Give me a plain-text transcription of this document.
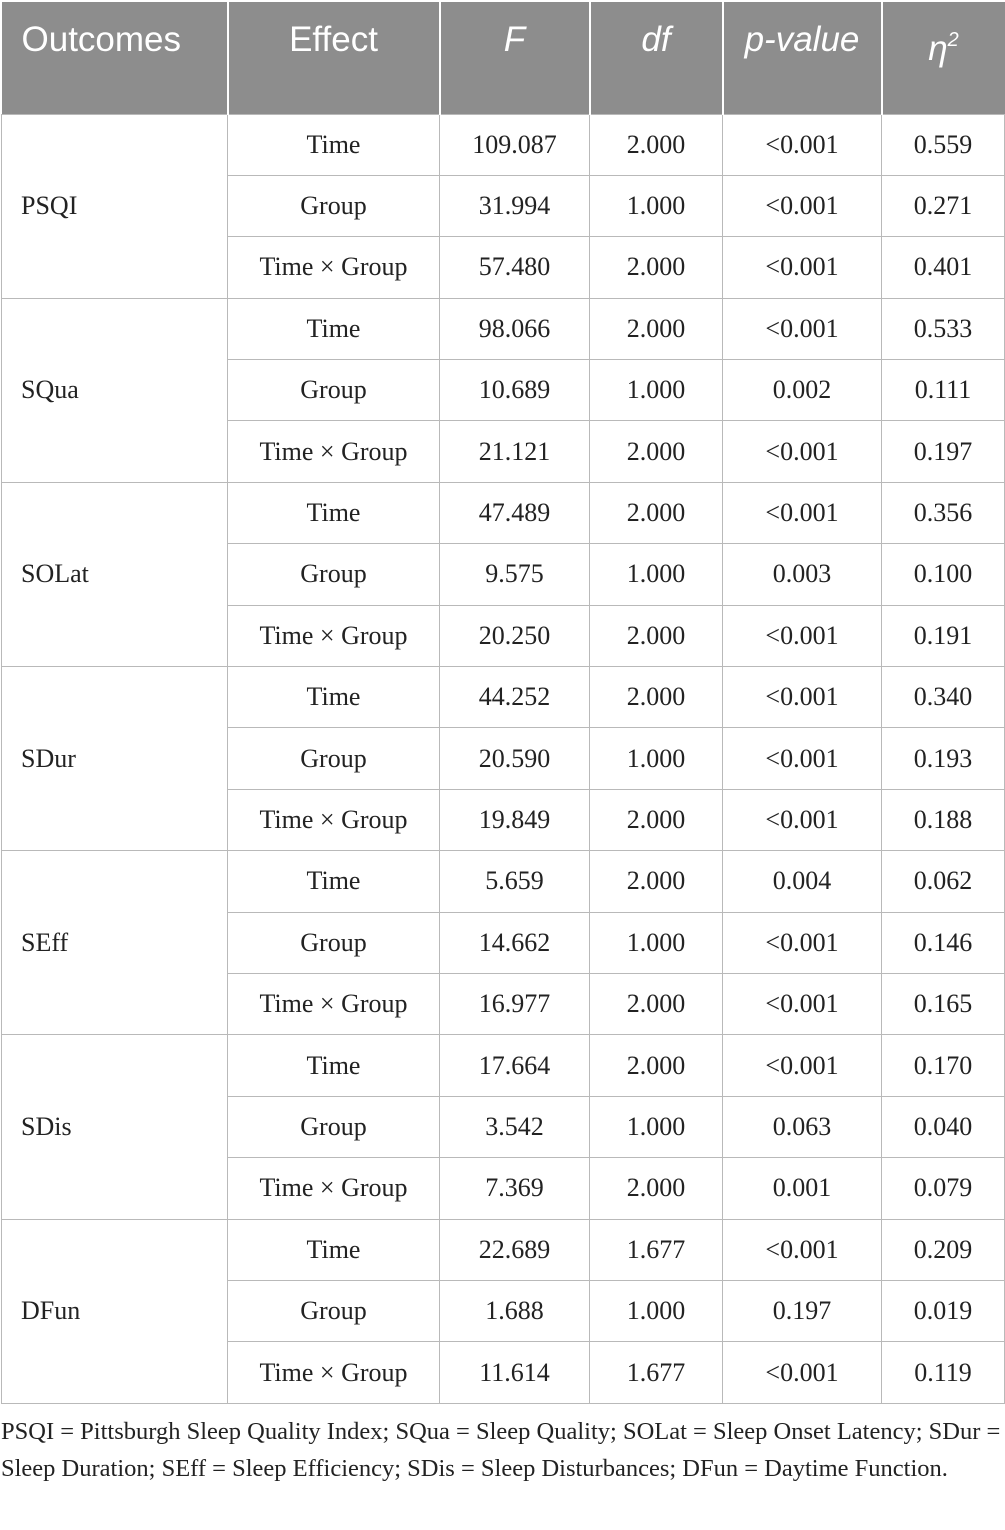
Outcomes	Effect	F	df	p-value	$\eta^2$
PSQI	Time	109.087	2.000	<0.001	0.559
	Group	31.994	1.000	<0.001	0.271
	Time × Group	57.480	2.000	<0.001	0.401
SQua	Time	98.066	2.000	<0.001	0.533
	Group	10.689	1.000	0.002	0.111
	Time × Group	21.121	2.000	<0.001	0.197
SOLat	Time	47.489	2.000	<0.001	0.356
	Group	9.575	1.000	0.003	0.100
	Time × Group	20.250	2.000	<0.001	0.191
SDur	Time	44.252	2.000	<0.001	0.340
	Group	20.590	1.000	<0.001	0.193
	Time × Group	19.849	2.000	<0.001	0.188
SEff	Time	5.659	2.000	0.004	0.062
	Group	14.662	1.000	<0.001	0.146
	Time × Group	16.977	2.000	<0.001	0.165
SDis	Time	17.664	2.000	<0.001	0.170
	Group	3.542	1.000	0.063	0.040
	Time × Group	7.369	2.000	0.001	0.079
DFun	Time	22.689	1.677	<0.001	0.209
	Group	1.688	1.000	0.197	0.019
	Time × Group	11.614	1.677	<0.001	0.119

PSQI = Pittsburgh Sleep Quality Index; SQua = Sleep Quality; SOLat = Sleep Onset Latency; SDur = Sleep Duration; SEff = Sleep Efficiency; SDis = Sleep Disturbances; DFun = Daytime Function.
